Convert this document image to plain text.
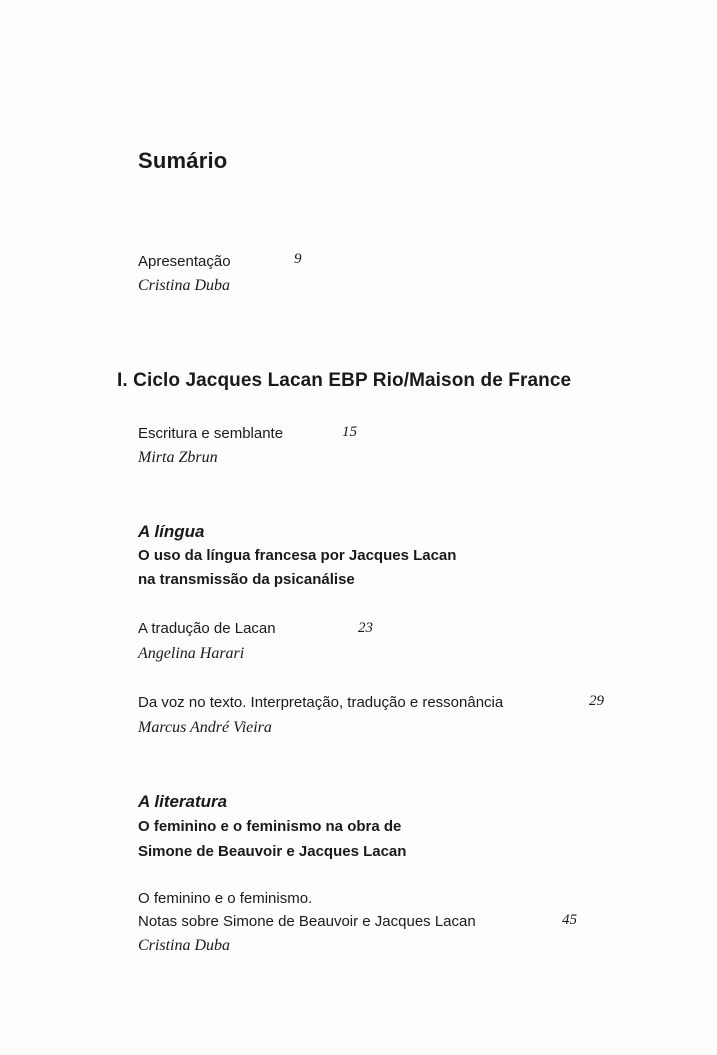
Sumário
Apresentação	9
Cristina Duba
I. Ciclo Jacques Lacan EBP Rio/Maison de France
Escritura e semblante	15
Mirta Zbrun
A língua
O uso da língua francesa por Jacques Lacan
na transmissão da psicanálise
A tradução de Lacan	23
Angelina Harari
Da voz no texto. Interpretação, tradução e ressonância	29
Marcus André Vieira
A literatura
O feminino e o feminismo na obra de
Simone de Beauvoir e Jacques Lacan
O feminino e o feminismo.
Notas sobre Simone de Beauvoir e Jacques Lacan	45
Cristina Duba
